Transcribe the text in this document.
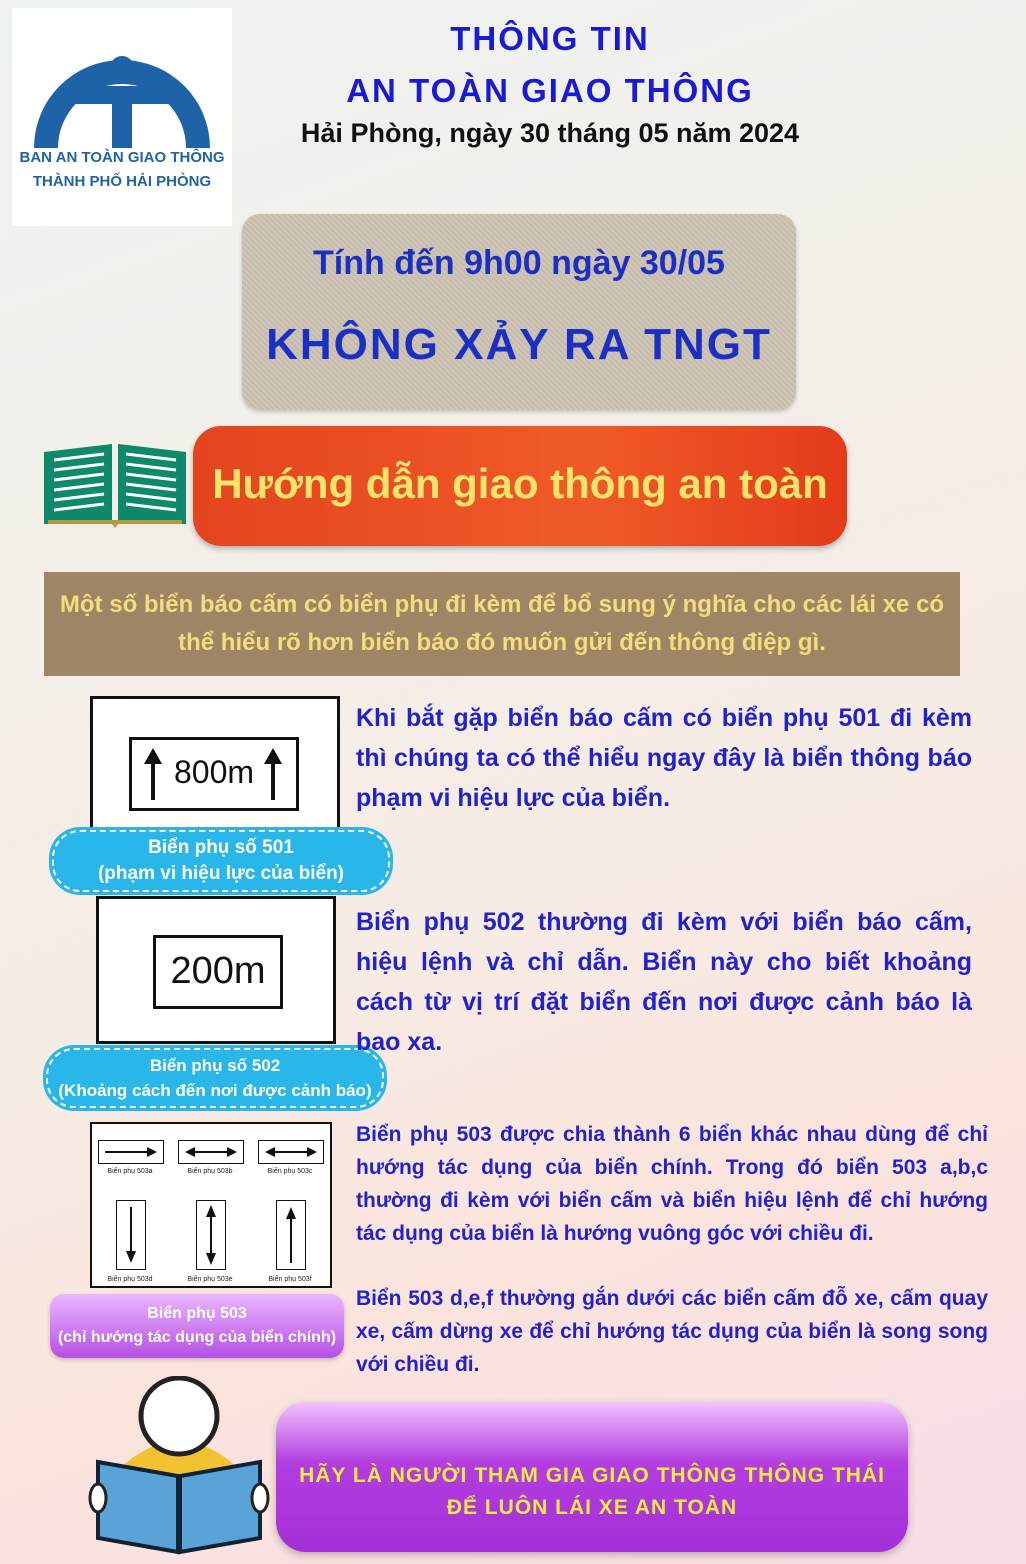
BAN AN TOÀN GIAO THÔNG
THÀNH PHỐ HẢI PHÒNG
THÔNG TIN
AN TOÀN GIAO THÔNG
Hải Phòng, ngày 30 tháng 05 năm 2024
Tính đến 9h00 ngày 30/05
KHÔNG XẢY RA TNGT
Hướng dẫn giao thông an toàn
Một số biển báo cấm có biển phụ đi kèm để bổ sung ý nghĩa cho các lái xe có thể hiểu rõ hơn biển báo đó muốn gửi đến thông điệp gì.
800m
Biển phụ số 501
(phạm vi hiệu lực của biển)
Khi bắt gặp biển báo cấm có biển phụ 501 đi kèm thì chúng ta có thể hiểu ngay đây là biển thông báo phạm vi hiệu lực của biển.
200m
Biển phụ số 502
(Khoảng cách đến nơi được cảnh báo)
Biển phụ 502 thường đi kèm với biển báo cấm, hiệu lệnh và chỉ dẫn. Biển này cho biết khoảng cách từ vị trí đặt biển đến nơi được cảnh báo là bao xa.
Biển phụ 503a	Biển phụ 503b	Biển phụ 503c
Biển phụ 503d	Biển phụ 503e	Biển phụ 503f
Biển phụ 503
(chỉ hướng tác dụng của biển chính)
Biển phụ 503 được chia thành 6 biển khác nhau dùng để chỉ hướng tác dụng của biển chính. Trong đó biển 503 a,b,c thường đi kèm với biển cấm và biển hiệu lệnh để chỉ hướng tác dụng của biển là hướng vuông góc với chiều đi.
Biển 503 d,e,f thường gắn dưới các biển cấm đỗ xe, cấm quay xe, cấm dừng xe để chỉ hướng tác dụng của biển là song song với chiều đi.
HÃY LÀ NGƯỜI THAM GIA GIAO THÔNG THÔNG THÁI
ĐỂ LUÔN LÁI XE AN TOÀN
